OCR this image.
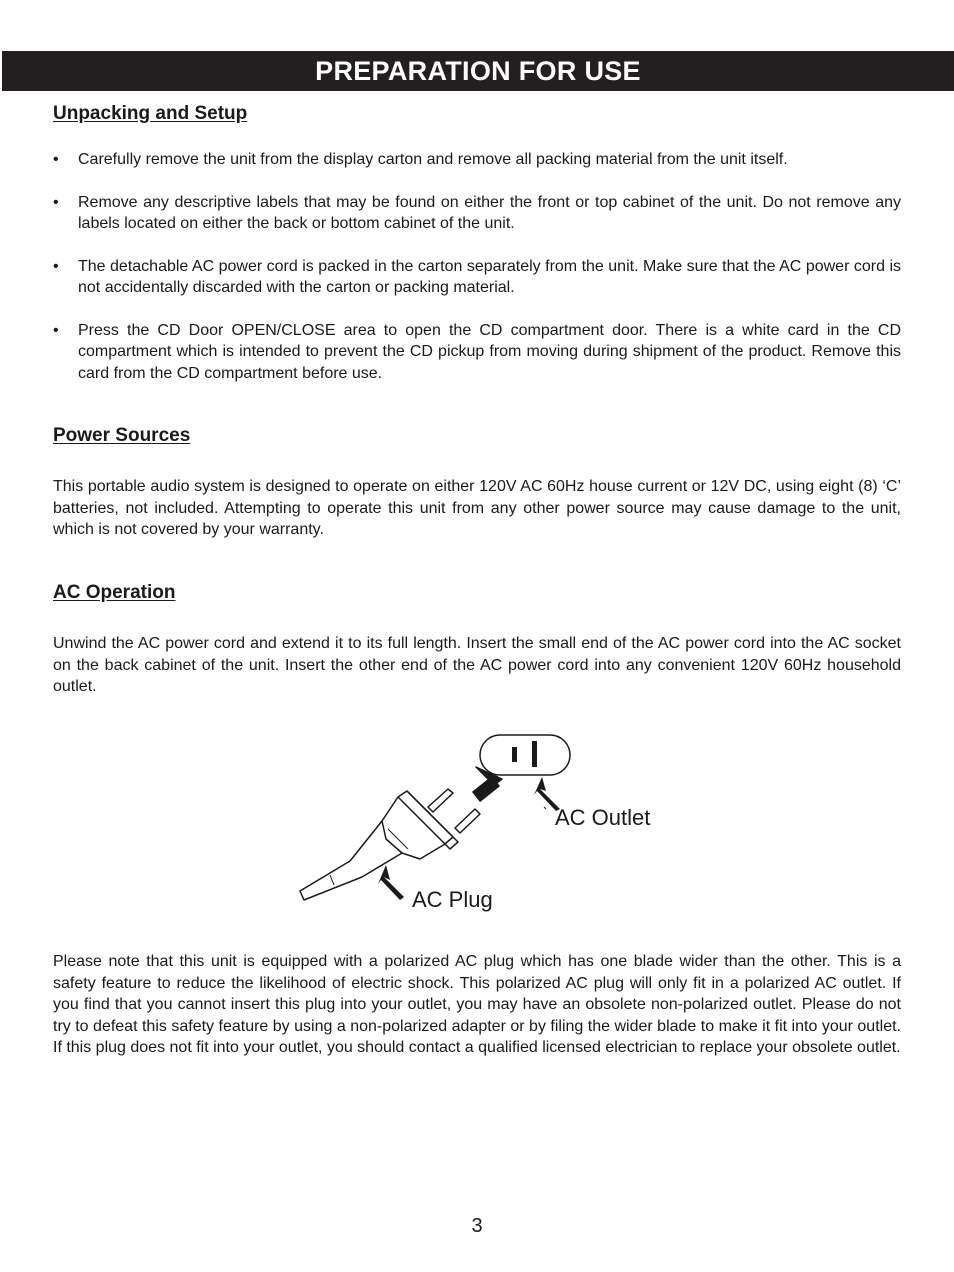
PREPARATION FOR USE
Unpacking and Setup
• Carefully remove the unit from the display carton and remove all packing material from the unit itself.
• Remove any descriptive labels that may be found on either the front or top cabinet of the unit. Do not remove any labels located on either the back or bottom cabinet of the unit.
• The detachable AC power cord is packed in the carton separately from the unit. Make sure that the AC power cord is not accidentally discarded with the carton or packing material.
• Press the CD Door OPEN/CLOSE area to open the CD compartment door. There is a white card in the CD compartment which is intended to prevent the CD pickup from moving during shipment of the product. Remove this card from the CD compartment before use.
Power Sources

This portable audio system is designed to operate on either 120V AC 60Hz house current or 12V DC, using eight (8) ‘C’ batteries, not included. Attempting to operate this unit from any other power source may cause damage to the unit, which is not covered by your warranty.

AC Operation

Unwind the AC power cord and extend it to its full length. Insert the small end of the AC power cord into the AC socket on the back cabinet of the unit. Insert the other end of the AC power cord into any convenient 120V 60Hz household outlet.

AC Outlet
AC Plug

Please note that this unit is equipped with a polarized AC plug which has one blade wider than the other. This is a safety feature to reduce the likelihood of electric shock. This polarized AC plug will only fit in a polarized AC outlet. If you find that you cannot insert this plug into your outlet, you may have an obsolete non-polarized outlet. Please do not try to defeat this safety feature by using a non-polarized adapter or by filing the wider blade to make it fit into your outlet. If this plug does not fit into your outlet, you should contact a qualified licensed electrician to replace your obsolete outlet.

3
